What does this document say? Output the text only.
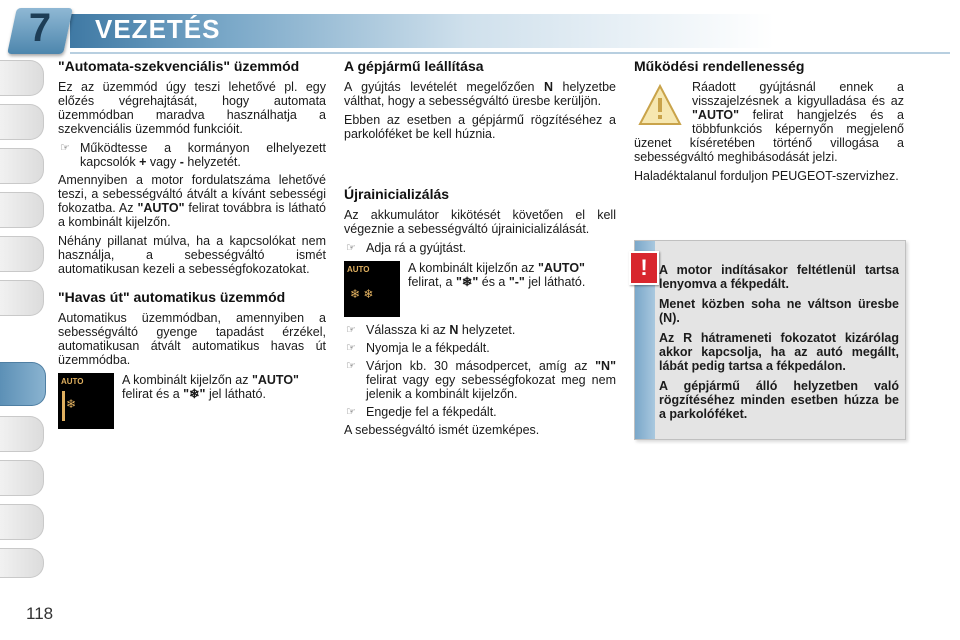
7	VEZETÉS
"Automata-szekvenciális" üzemmód

Ez az üzemmód úgy teszi lehetővé pl. egy előzés végrehajtását, hogy automata üzemmódban maradva használhatja a szekvenciális üzemmód funkcióit.

☞ Működtesse a kormányon elhelyezett kapcsolók + vagy - helyzetét.

Amennyiben a motor fordulatszáma lehetővé teszi, a sebességváltó átvált a kívánt sebességi fokozatba. Az "AUTO" felirat továbbra is látható a kombinált kijelzőn.

Néhány pillanat múlva, ha a kapcsolókat nem használja, a sebességváltó ismét automatikusan kezeli a sebességfokozatokat.

"Havas út" automatikus üzemmód

Automatikus üzemmódban, amennyiben a sebességváltó gyenge tapadást érzékel, automatikusan átvált automatikus havas út üzemmódba.

AUTO
❄
A kombinált kijelzőn az "AUTO" felirat és a "❄" jel látható.
A gépjármű leállítása

A gyújtás levételét megelőzően N helyzetbe válthat, hogy a sebességváltó üresbe kerüljön.

Ebben az esetben a gépjármű rögzítéséhez a parkolóféket be kell húznia.

Újrainicializálás

Az akkumulátor kikötését követően el kell végeznie a sebességváltó újrainicializálását.

☞ Adja rá a gyújtást.
AUTO
❄ ❄
A kombinált kijelzőn az "AUTO" felirat, a "❄" és a "-" jel látható.
☞ Válassza ki az N helyzetet.
☞ Nyomja le a fékpedált.
☞ Várjon kb. 30 másodpercet, amíg az "N" felirat vagy egy sebességfokozat meg nem jelenik a kombinált kijelzőn.
☞ Engedje fel a fékpedált.

A sebességváltó ismét üzemképes.

Működési rendellenesség

Ráadott gyújtásnál ennek a visszajelzésnek a kigyulladása és az "AUTO" felirat hangjelzés és a többfunkciós képernyőn megjelenő üzenet kíséretében történő villogása a sebességváltó meghibásodását jelzi.

Haladéktalanul forduljon PEUGEOT-szervizhez.

! A motor indításakor feltétlenül tartsa lenyomva a fékpedált.

Menet közben soha ne váltson üresbe (N).

Az R hátrameneti fokozatot kizárólag akkor kapcsolja, ha az autó megállt, lábát pedig tartsa a fékpedálon.

A gépjármű álló helyzetben való rögzítéséhez minden esetben húzza be a parkolóféket.

118
